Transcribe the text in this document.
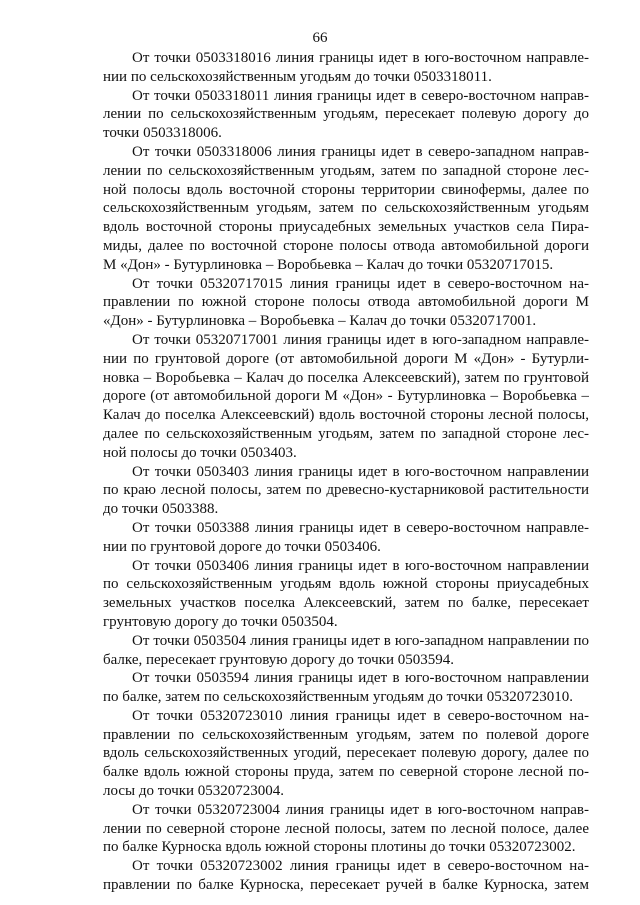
66
От точки 0503318016 линия границы идет в юго-восточном направле-
нии по сельскохозяйственным угодьям до точки 0503318011.
От точки 0503318011 линия границы идет в северо-восточном направ-
лении по сельскохозяйственным угодьям, пересекает полевую дорогу до
точки 0503318006.
От точки 0503318006 линия границы идет в северо-западном направ-
лении по сельскохозяйственным угодьям, затем по западной стороне лес-
ной полосы вдоль восточной стороны территории свинофермы, далее по
сельскохозяйственным угодьям, затем по сельскохозяйственным угодьям
вдоль восточной стороны приусадебных земельных участков села Пира-
миды, далее по восточной стороне полосы отвода автомобильной дороги
М «Дон» - Бутурлиновка – Воробьевка – Калач до точки 05320717015.
От точки 05320717015 линия границы идет в северо-восточном на-
правлении по южной стороне полосы отвода автомобильной дороги М
«Дон» - Бутурлиновка – Воробьевка – Калач до точки 05320717001.
От точки 05320717001 линия границы идет в юго-западном направле-
нии по грунтовой дороге (от автомобильной дороги М «Дон» - Бутурли-
новка – Воробьевка – Калач до поселка Алексеевский), затем по грунтовой
дороге (от автомобильной дороги М «Дон» - Бутурлиновка – Воробьевка –
Калач до поселка Алексеевский) вдоль восточной стороны лесной полосы,
далее по сельскохозяйственным угодьям, затем по западной стороне лес-
ной полосы до точки 0503403.
От точки 0503403 линия границы идет в юго-восточном направлении
по краю лесной полосы, затем по древесно-кустарниковой растительности
до точки 0503388.
От точки 0503388 линия границы идет в северо-восточном направле-
нии по грунтовой дороге до точки 0503406.
От точки 0503406 линия границы идет в юго-восточном направлении
по сельскохозяйственным угодьям вдоль южной стороны приусадебных
земельных участков поселка Алексеевский, затем по балке, пересекает
грунтовую дорогу до точки 0503504.
От точки 0503504 линия границы идет в юго-западном направлении по
балке, пересекает грунтовую дорогу до точки 0503594.
От точки 0503594 линия границы идет в юго-восточном направлении
по балке, затем по сельскохозяйственным угодьям до точки 05320723010.
От точки 05320723010 линия границы идет в северо-восточном на-
правлении по сельскохозяйственным угодьям, затем по полевой дороге
вдоль сельскохозяйственных угодий, пересекает полевую дорогу, далее по
балке вдоль южной стороны пруда, затем по северной стороне лесной по-
лосы до точки 05320723004.
От точки 05320723004 линия границы идет в юго-восточном направ-
лении по северной стороне лесной полосы, затем по лесной полосе, далее
по балке Курноска вдоль южной стороны плотины до точки 05320723002.
От точки 05320723002 линия границы идет в северо-восточном на-
правлении по балке Курноска, пересекает ручей в балке Курноска, затем
